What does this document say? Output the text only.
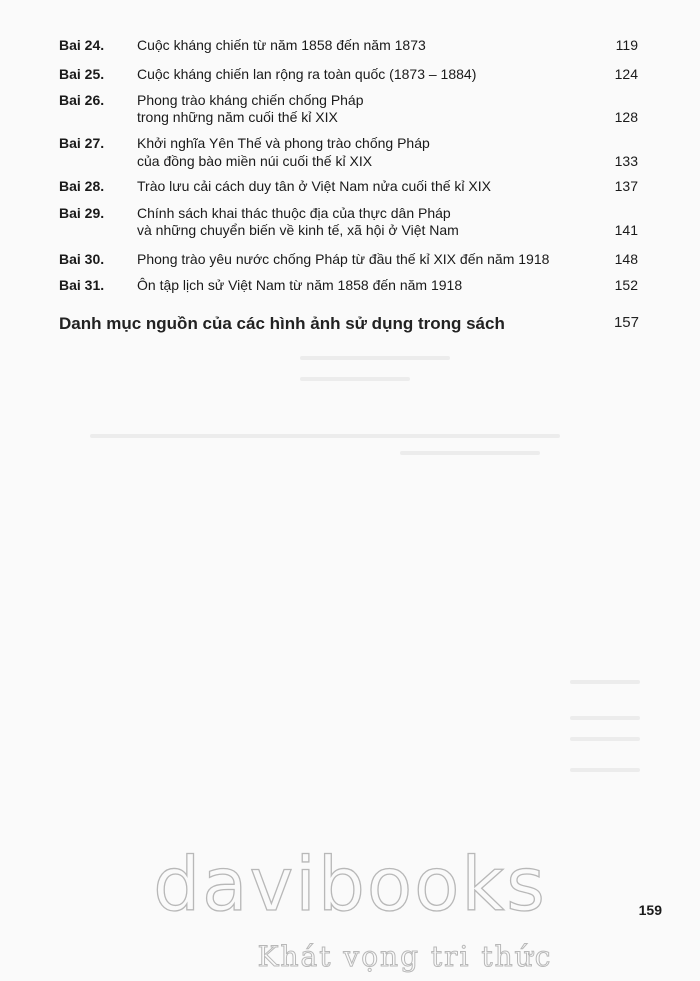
Bai 24. Cuộc kháng chiến từ năm 1858 đến năm 1873	119
Bai 25. Cuộc kháng chiến lan rộng ra toàn quốc (1873 – 1884)	124
Bai 26. Phong trào kháng chiến chống Pháp
trong những năm cuối thế kỉ XIX	128
Bai 27. Khởi nghĩa Yên Thế và phong trào chống Pháp
của đồng bào miền núi cuối thế kỉ XIX	133
Bai 28. Trào lưu cải cách duy tân ở Việt Nam nửa cuối thế kỉ XIX	137
Bai 29. Chính sách khai thác thuộc địa của thực dân Pháp
và những chuyển biến về kinh tế, xã hội ở Việt Nam	141
Bai 30. Phong trào yêu nước chống Pháp từ đầu thế kỉ XIX đến năm 1918	148
Bai 31. Ôn tập lịch sử Việt Nam từ năm 1858 đến năm 1918	152
Danh mục nguồn của các hình ảnh sử dụng trong sách	157
159
davibooks
Khát vọng tri thức
